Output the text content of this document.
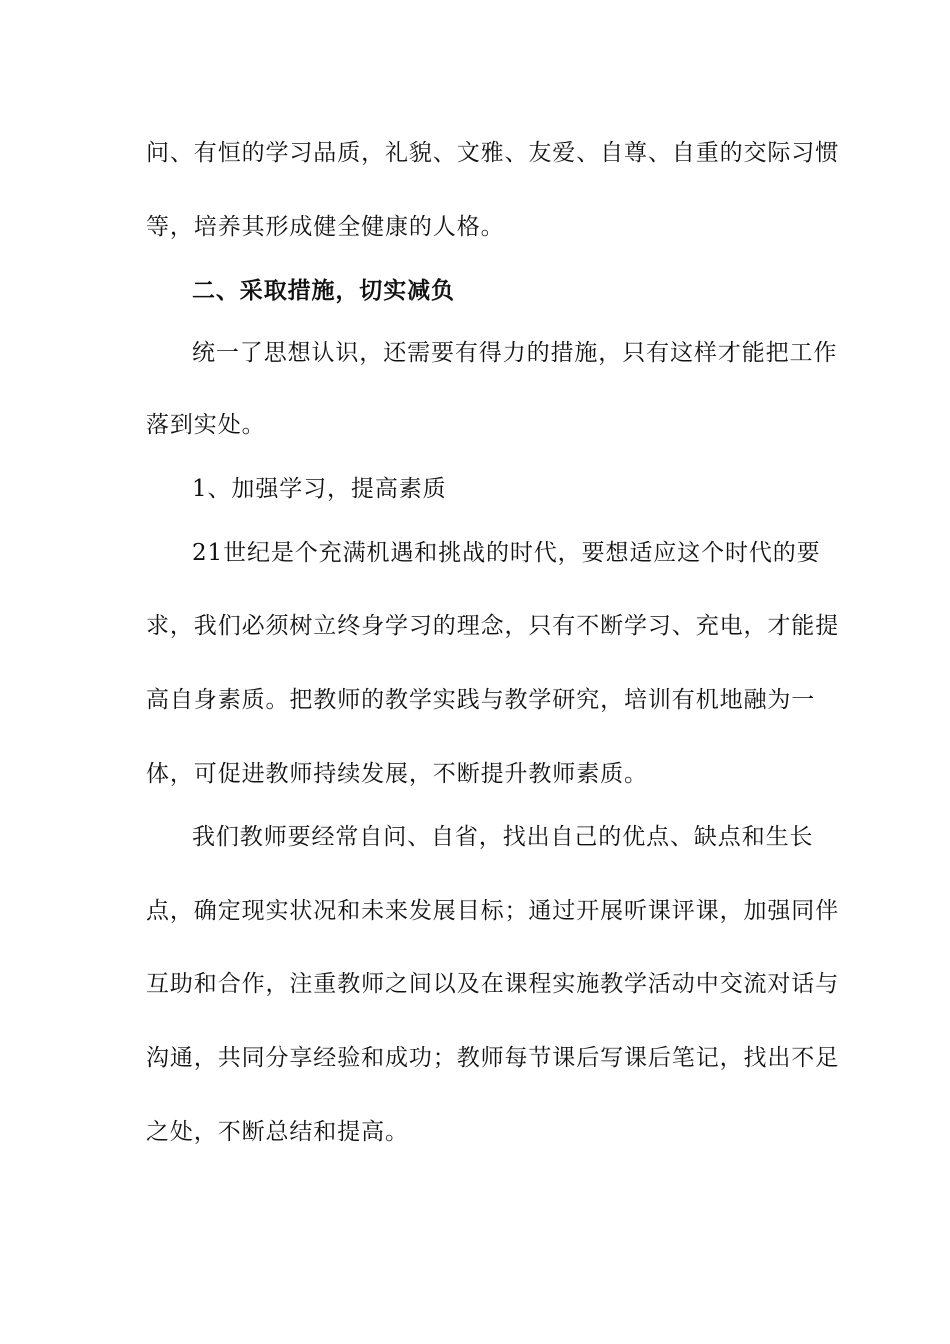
问、有恒的学习品质，礼貌、文雅、友爱、自尊、自重的交际习惯
等，培养其形成健全健康的人格。
二、采取措施，切实减负
统一了思想认识，还需要有得力的措施，只有这样才能把工作
落到实处。
1、加强学习，提高素质
21世纪是个充满机遇和挑战的时代，要想适应这个时代的要
求，我们必须树立终身学习的理念，只有不断学习、充电，才能提
高自身素质。把教师的教学实践与教学研究，培训有机地融为一
体，可促进教师持续发展，不断提升教师素质。
我们教师要经常自问、自省，找出自己的优点、缺点和生长
点，确定现实状况和未来发展目标；通过开展听课评课，加强同伴
互助和合作，注重教师之间以及在课程实施教学活动中交流对话与
沟通，共同分享经验和成功；教师每节课后写课后笔记，找出不足
之处，不断总结和提高。
